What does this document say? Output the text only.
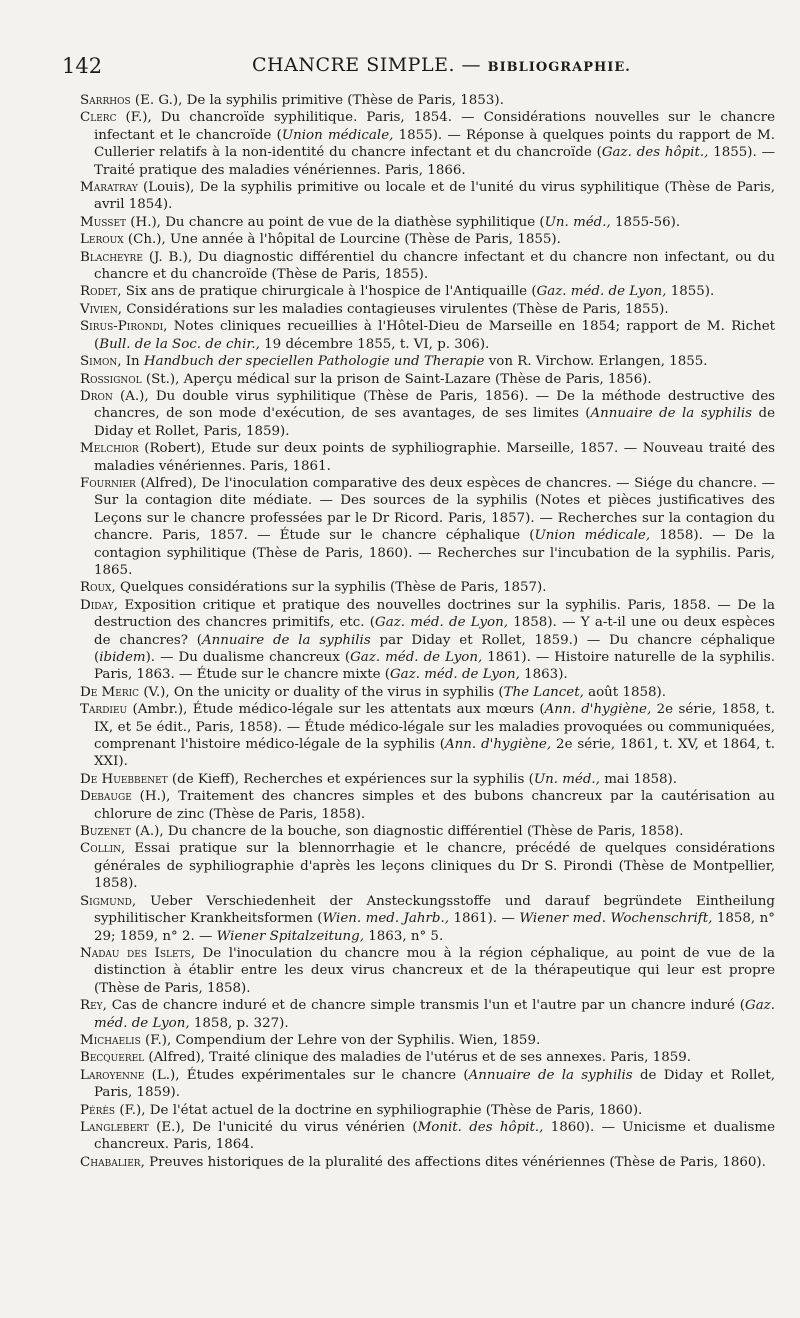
142	CHANCRE SIMPLE. — BIBLIOGRAPHIE.

Sarrhos (E. G.), De la syphilis primitive (Thèse de Paris, 1853).

Clerc (F.), Du chancroïde syphilitique. Paris, 1854. — Considérations nouvelles sur le chancre infectant et le chancroïde (Union médicale, 1855). — Réponse à quelques points du rapport de M. Cullerier relatifs à la non-identité du chancre infectant et du chancroïde (Gaz. des hôpit., 1855). — Traité pratique des maladies vénériennes. Paris, 1866.

Maratray (Louis), De la syphilis primitive ou locale et de l'unité du virus syphilitique (Thèse de Paris, avril 1854).

Musset (H.), Du chancre au point de vue de la diathèse syphilitique (Un. méd., 1855-56).

Leroux (Ch.), Une année à l'hôpital de Lourcine (Thèse de Paris, 1855).

Blacheyre (J. B.), Du diagnostic différentiel du chancre infectant et du chancre non infectant, ou du chancre et du chancroïde (Thèse de Paris, 1855).

Rodet, Six ans de pratique chirurgicale à l'hospice de l'Antiquaille (Gaz. méd. de Lyon, 1855).

Vivien, Considérations sur les maladies contagieuses virulentes (Thèse de Paris, 1855).

Sirus-Pirondi, Notes cliniques recueillies à l'Hôtel-Dieu de Marseille en 1854; rapport de M. Richet (Bull. de la Soc. de chir., 19 décembre 1855, t. VI, p. 306).

Simon, In Handbuch der speciellen Pathologie und Therapie von R. Virchow. Erlangen, 1855.

Rossignol (St.), Aperçu médical sur la prison de Saint-Lazare (Thèse de Paris, 1856).

Dron (A.), Du double virus syphilitique (Thèse de Paris, 1856). — De la méthode destructive des chancres, de son mode d'exécution, de ses avantages, de ses limites (Annuaire de la syphilis de Diday et Rollet, Paris, 1859).

Melchior (Robert), Etude sur deux points de syphiliographie. Marseille, 1857. — Nouveau traité des maladies vénériennes. Paris, 1861.

Fournier (Alfred), De l'inoculation comparative des deux espèces de chancres. — Siége du chancre. — Sur la contagion dite médiate. — Des sources de la syphilis (Notes et pièces justificatives des Leçons sur le chancre professées par le Dr Ricord. Paris, 1857). — Recherches sur la contagion du chancre. Paris, 1857. — Étude sur le chancre céphalique (Union médicale, 1858). — De la contagion syphilitique (Thèse de Paris, 1860). — Recherches sur l'incubation de la syphilis. Paris, 1865.

Roux, Quelques considérations sur la syphilis (Thèse de Paris, 1857).

Diday, Exposition critique et pratique des nouvelles doctrines sur la syphilis. Paris, 1858. — De la destruction des chancres primitifs, etc. (Gaz. méd. de Lyon, 1858). — Y a-t-il une ou deux espèces de chancres? (Annuaire de la syphilis par Diday et Rollet, 1859.) — Du chancre céphalique (ibidem). — Du dualisme chancreux (Gaz. méd. de Lyon, 1861). — Histoire naturelle de la syphilis. Paris, 1863. — Étude sur le chancre mixte (Gaz. méd. de Lyon, 1863).

De Meric (V.), On the unicity or duality of the virus in syphilis (The Lancet, août 1858).

Tardieu (Ambr.), Étude médico-légale sur les attentats aux mœurs (Ann. d'hygiène, 2e série, 1858, t. IX, et 5e édit., Paris, 1858). — Étude médico-légale sur les maladies provoquées ou communiquées, comprenant l'histoire médico-légale de la syphilis (Ann. d'hygiène, 2e série, 1861, t. XV, et 1864, t. XXI).

De Huebbenet (de Kieff), Recherches et expériences sur la syphilis (Un. méd., mai 1858).

Debauge (H.), Traitement des chancres simples et des bubons chancreux par la cautérisation au chlorure de zinc (Thèse de Paris, 1858).

Buzenet (A.), Du chancre de la bouche, son diagnostic différentiel (Thèse de Paris, 1858).

Collin, Essai pratique sur la blennorrhagie et le chancre, précédé de quelques considérations générales de syphiliographie d'après les leçons cliniques du Dr S. Pirondi (Thèse de Montpellier, 1858).

Sigmund, Ueber Verschiedenheit der Ansteckungsstoffe und darauf begründete Eintheilung syphilitischer Krankheitsformen (Wien. med. Jahrb., 1861). — Wiener med. Wochenschrift, 1858, n° 29; 1859, n° 2. — Wiener Spitalzeitung, 1863, n° 5.

Nadau des Islets, De l'inoculation du chancre mou à la région céphalique, au point de vue de la distinction à établir entre les deux virus chancreux et de la thérapeutique qui leur est propre (Thèse de Paris, 1858).

Rey, Cas de chancre induré et de chancre simple transmis l'un et l'autre par un chancre induré (Gaz. méd. de Lyon, 1858, p. 327).

Michaelis (F.), Compendium der Lehre von der Syphilis. Wien, 1859.

Becquerel (Alfred), Traité clinique des maladies de l'utérus et de ses annexes. Paris, 1859.

Laroyenne (L.), Études expérimentales sur le chancre (Annuaire de la syphilis de Diday et Rollet, Paris, 1859).

Pérès (F.), De l'état actuel de la doctrine en syphiliographie (Thèse de Paris, 1860).

Langlebert (E.), De l'unicité du virus vénérien (Monit. des hôpit., 1860). — Unicisme et dualisme chancreux. Paris, 1864.

Chabalier, Preuves historiques de la pluralité des affections dites vénériennes (Thèse de Paris, 1860).
